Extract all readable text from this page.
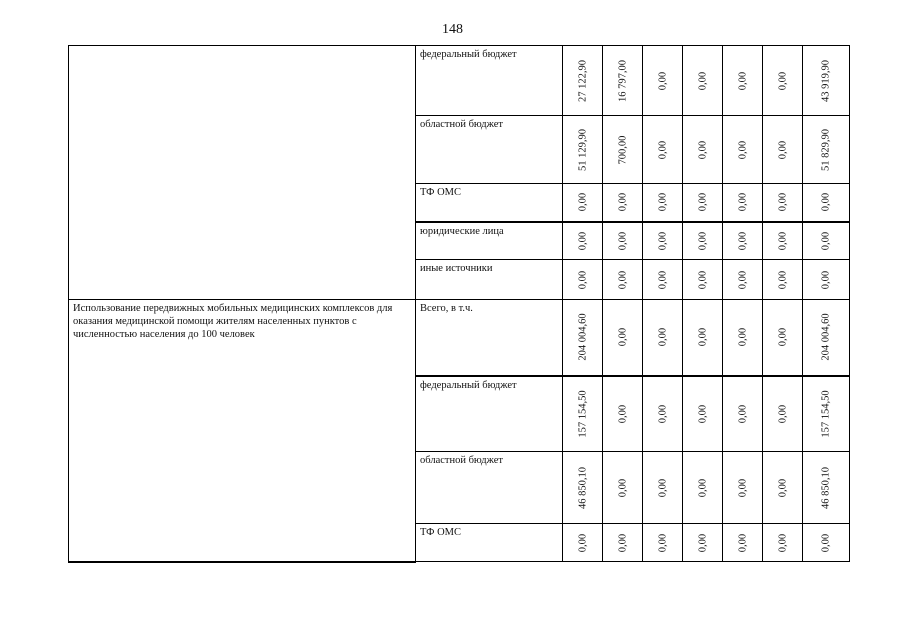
148
	федеральный бюджет	27 122,90	16 797,00	0,00	0,00	0,00	0,00	43 919,90

	областной бюджет	51 129,90	700,00	0,00	0,00	0,00	0,00	51 829,90

	ТФ ОМС	0,00	0,00	0,00	0,00	0,00	0,00	0,00

	юридические лица	0,00	0,00	0,00	0,00	0,00	0,00	0,00

	иные источники	0,00	0,00	0,00	0,00	0,00	0,00	0,00

Использование передвижных мобильных медицинских комплексов для оказания медицинской помощи жителям населенных пунктов с численностью населения до 100 человек	Всего, в т.ч.	204 004,60	0,00	0,00	0,00	0,00	0,00	204 004,60

	федеральный бюджет	157 154,50	0,00	0,00	0,00	0,00	0,00	157 154,50

	областной бюджет	46 850,10	0,00	0,00	0,00	0,00	0,00	46 850,10

	ТФ ОМС	0,00	0,00	0,00	0,00	0,00	0,00	0,00
